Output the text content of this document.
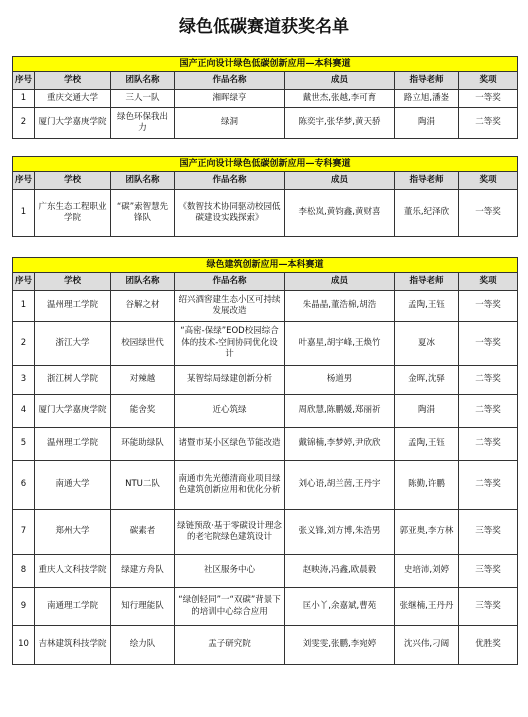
绿色低碳赛道获奖名单
国产正向设计绿色低碳创新应用—本科赛道						
序号	学校	团队名称	作品名称	成员	指导老师	奖项
1	重庆交通大学	三人一队	湘晖绿亨	戴世杰,张越,李可育	路立旭,潘崟	一等奖
2	厦门大学嘉庚学院	绿色环保我出力	绿洞	陈奕宇,张华梦,黄天骄	陶涓	二等奖
国产正向设计绿色低碳创新应用—专科赛道						
序号	学校	团队名称	作品名称	成员	指导老师	奖项
1	广东生态工程职业学院	“碳”索智慧先锋队	《数智技术协同驱动校园低碳建设实践探索》	李松岚,黄钧鑫,黄财喜	董乐,纪泽欣	一等奖
绿色建筑创新应用—本科赛道						
序号	学校	团队名称	作品名称	成员	指导老师	奖项
1	温州理工学院	谷解之材	绍兴酒窖建生态小区可持续发展改造	朱晶晶,董浩棉,胡浩	孟陶,王钰	一等奖
2	浙江大学	校园绿世代	“高密-保绿”EOD校园综合体的技术-空间协同优化设计	叶嘉星,胡宇峰,王焕竹	夏冰	一等奖
3	浙江树人学院	对辣越	某智综局绿建创新分析	杨道男	金晖,沈驿	二等奖
4	厦门大学嘉庚学院	能舍奖	近心筑绿	周欣慧,陈鹏媛,郑丽祈	陶涓	二等奖
5	温州理工学院	环能助绿队	诸暨市某小区绿色节能改造	戴锦楠,李梦婷,尹欣欣	孟陶,王钰	二等奖
6	南通大学	NTU二队	南通市先光德清商业项目绿色建筑创新应用和优化分析	刘心语,胡兰茵,王丹宇	陈勤,许鹏	二等奖
7	郑州大学	碳素者	绿链预敌·基于零碳设计理念的老宅院绿色建筑设计	张义锋,刘方博,朱浩男	郭亚奥,李方林	三等奖
8	重庆人文科技学院	绿建方舟队	社区服务中心	赵映涛,冯鑫,欧晨毅	史培沛,刘婷	三等奖
9	南通理工学院	知行理能队	“绿创轻同”一“双碳”背景下的培训中心综合应用	匡小丫,余嘉斌,曹苑	张继楠,王丹丹	三等奖
10	吉林建筑科技学院	绘力队	盂子研究院	刘雯雯,张鹏,李宛婷	沈兴伟,刁阔	优胜奖
